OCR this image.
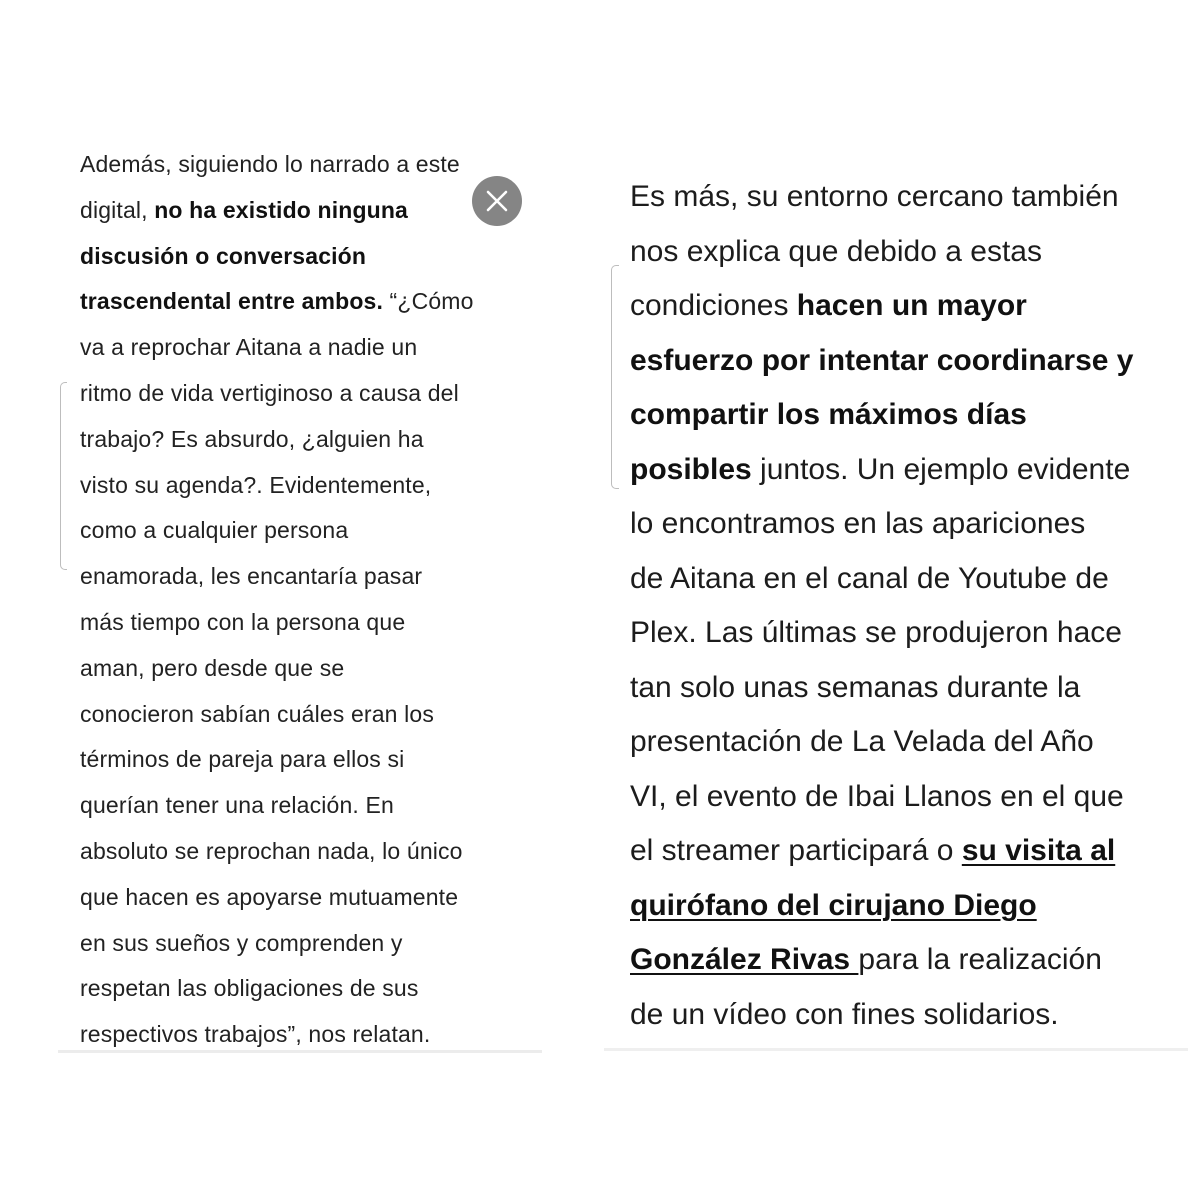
Además, siguiendo lo narrado a este
digital, no ha existido ninguna
discusión o conversación
trascendental entre ambos. “¿Cómo
va a reprochar Aitana a nadie un
ritmo de vida vertiginoso a causa del
trabajo? Es absurdo, ¿alguien ha
visto su agenda?. Evidentemente,
como a cualquier persona
enamorada, les encantaría pasar
más tiempo con la persona que
aman, pero desde que se
conocieron sabían cuáles eran los
términos de pareja para ellos si
querían tener una relación. En
absoluto se reprochan nada, lo único
que hacen es apoyarse mutuamente
en sus sueños y comprenden y
respetan las obligaciones de sus
respectivos trabajos”, nos relatan.

Es más, su entorno cercano también
nos explica que debido a estas
condiciones hacen un mayor
esfuerzo por intentar coordinarse y
compartir los máximos días
posibles juntos. Un ejemplo evidente
lo encontramos en las apariciones
de Aitana en el canal de Youtube de
Plex. Las últimas se produjeron hace
tan solo unas semanas durante la
presentación de La Velada del Año
VI, el evento de Ibai Llanos en el que
el streamer participará o su visita al
quirófano del cirujano Diego
González Rivas para la realización
de un vídeo con fines solidarios.
